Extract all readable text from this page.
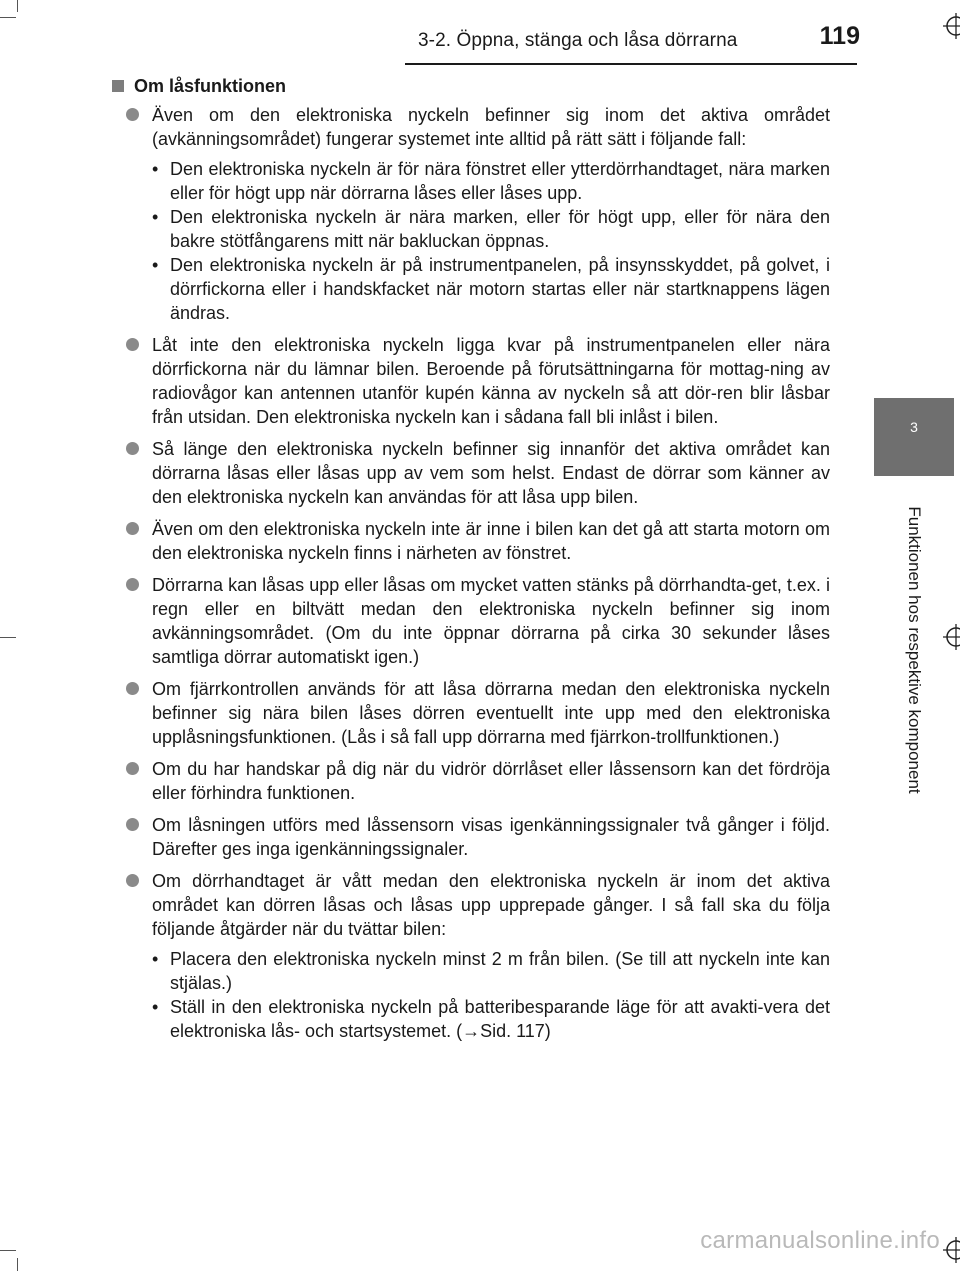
3-2. Öppna, stänga och låsa dörrarna	119
3
Funktionen hos respektive komponent
Om låsfunktionen
Även om den elektroniska nyckeln befinner sig inom det aktiva området (avkänningsområdet) fungerar systemet inte alltid på rätt sätt i följande fall:
• Den elektroniska nyckeln är för nära fönstret eller ytterdörrhandtaget, nära marken eller för högt upp när dörrarna låses eller låses upp.
• Den elektroniska nyckeln är nära marken, eller för högt upp, eller för nära den bakre stötfångarens mitt när bakluckan öppnas.
• Den elektroniska nyckeln är på instrumentpanelen, på insynsskyddet, på golvet, i dörrfickorna eller i handskfacket när motorn startas eller när startknappens lägen ändras.
Låt inte den elektroniska nyckeln ligga kvar på instrumentpanelen eller nära dörrfickorna när du lämnar bilen. Beroende på förutsättningarna för mottag-ning av radiovågor kan antennen utanför kupén känna av nyckeln så att dör-ren blir låsbar från utsidan. Den elektroniska nyckeln kan i sådana fall bli inlåst i bilen.
Så länge den elektroniska nyckeln befinner sig innanför det aktiva området kan dörrarna låsas eller låsas upp av vem som helst. Endast de dörrar som känner av den elektroniska nyckeln kan användas för att låsa upp bilen.
Även om den elektroniska nyckeln inte är inne i bilen kan det gå att starta motorn om den elektroniska nyckeln finns i närheten av fönstret.
Dörrarna kan låsas upp eller låsas om mycket vatten stänks på dörrhandta-get, t.ex. i regn eller en biltvätt medan den elektroniska nyckeln befinner sig inom avkänningsområdet. (Om du inte öppnar dörrarna på cirka 30 sekunder låses samtliga dörrar automatiskt igen.)
Om fjärrkontrollen används för att låsa dörrarna medan den elektroniska nyckeln befinner sig nära bilen låses dörren eventuellt inte upp med den elektroniska upplåsningsfunktionen. (Lås i så fall upp dörrarna med fjärrkon-trollfunktionen.)
Om du har handskar på dig när du vidrör dörrlåset eller låssensorn kan det fördröja eller förhindra funktionen.
Om låsningen utförs med låssensorn visas igenkänningssignaler två gånger i följd. Därefter ges inga igenkänningssignaler.
Om dörrhandtaget är vått medan den elektroniska nyckeln är inom det aktiva området kan dörren låsas och låsas upp upprepade gånger. I så fall ska du följa följande åtgärder när du tvättar bilen:
• Placera den elektroniska nyckeln minst 2 m från bilen. (Se till att nyckeln inte kan stjälas.)
• Ställ in den elektroniska nyckeln på batteribesparande läge för att avakti-vera det elektroniska lås- och startsystemet. (→Sid. 117)
carmanualsonline.info
